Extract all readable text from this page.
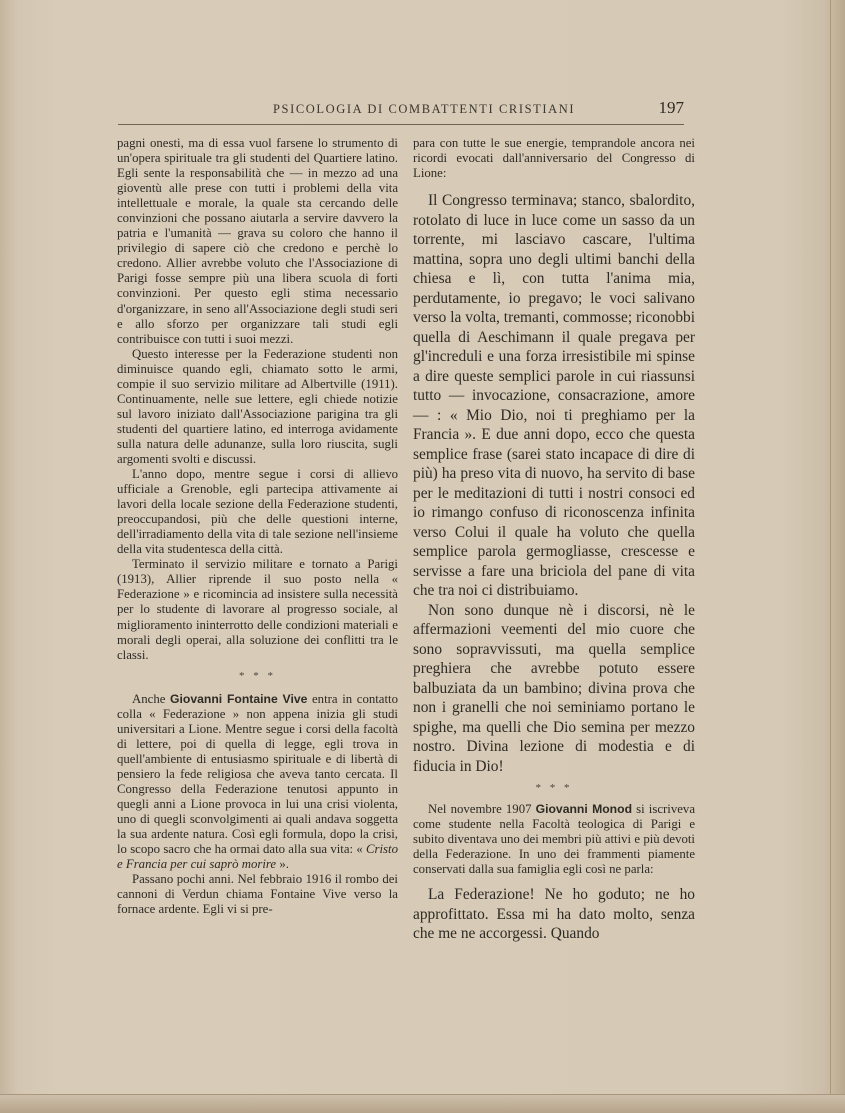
PSICOLOGIA DI COMBATTENTI CRISTIANI	197

pagni onesti, ma di essa vuol farsene lo strumento di un'opera spirituale tra gli studenti del Quartiere latino. Egli sente la responsabilità che — in mezzo ad una gioventù alle prese con tutti i problemi della vita intellettuale e morale, la quale sta cercando delle convinzioni che possano aiutarla a servire davvero la patria e l'umanità — grava su coloro che hanno il privilegio di sapere ciò che credono e perchè lo credono. Allier avrebbe voluto che l'Associazione di Parigi fosse sempre più una libera scuola di forti convinzioni. Per questo egli stima necessario d'organizzare, in seno all'Associazione degli studi seri e allo sforzo per organizzare tali studi egli contribuisce con tutti i suoi mezzi.

Questo interesse per la Federazione studenti non diminuisce quando egli, chiamato sotto le armi, compie il suo servizio militare ad Albertville (1911). Continuamente, nelle sue lettere, egli chiede notizie sul lavoro iniziato dall'Associazione parigina tra gli studenti del quartiere latino, ed interroga avidamente sulla natura delle adunanze, sulla loro riuscita, sugli argomenti svolti e discussi.

L'anno dopo, mentre segue i corsi di allievo ufficiale a Grenoble, egli partecipa attivamente ai lavori della locale sezione della Federazione studenti, preoccupandosi, più che delle questioni interne, dell'irradiamento della vita di tale sezione nell'insieme della vita studentesca della città.

Terminato il servizio militare e tornato a Parigi (1913), Allier riprende il suo posto nella « Federazione » e ricomincia ad insistere sulla necessità per lo studente di lavorare al progresso sociale, al miglioramento ininterrotto delle condizioni materiali e morali degli operai, alla soluzione dei conflitti tra le classi.

* * *

Anche Giovanni Fontaine Vive entra in contatto colla « Federazione » non appena inizia gli studi universitari a Lione. Mentre segue i corsi della facoltà di lettere, poi di quella di legge, egli trova in quell'ambiente di entusiasmo spirituale e di libertà di pensiero la fede religiosa che aveva tanto cercata. Il Congresso della Federazione tenutosi appunto in quegli anni a Lione provoca in lui una crisi violenta, uno di quegli sconvolgimenti ai quali andava soggetta la sua ardente natura. Così egli formula, dopo la crisi, lo scopo sacro che ha ormai dato alla sua vita: « Cristo e Francia per cui saprò morire ».

Passano pochi anni. Nel febbraio 1916 il rombo dei cannoni di Verdun chiama Fontaine Vive verso la fornace ardente. Egli vi si pre-

para con tutte le sue energie, temprandole ancora nei ricordi evocati dall'anniversario del Congresso di Lione:

Il Congresso terminava; stanco, sbalordito, rotolato di luce in luce come un sasso da un torrente, mi lasciavo cascare, l'ultima mattina, sopra uno degli ultimi banchi della chiesa e lì, con tutta l'anima mia, perdutamente, io pregavo; le voci salivano verso la volta, tremanti, commosse; riconobbi quella di Aeschimann il quale pregava per gl'increduli e una forza irresistibile mi spinse a dire queste semplici parole in cui riassunsi tutto — invocazione, consacrazione, amore — : « Mio Dio, noi ti preghiamo per la Francia ». E due anni dopo, ecco che questa semplice frase (sarei stato incapace di dire di più) ha preso vita di nuovo, ha servito di base per le meditazioni di tutti i nostri consoci ed io rimango confuso di riconoscenza infinita verso Colui il quale ha voluto che quella semplice parola germogliasse, crescesse e servisse a fare una briciola del pane di vita che tra noi ci distribuiamo.

Non sono dunque nè i discorsi, nè le affermazioni veementi del mio cuore che sono sopravvissuti, ma quella semplice preghiera che avrebbe potuto essere balbuziata da un bambino; divina prova che non i granelli che noi seminiamo portano le spighe, ma quelli che Dio semina per mezzo nostro. Divina lezione di modestia e di fiducia in Dio!

* * *

Nel novembre 1907 Giovanni Monod si iscriveva come studente nella Facoltà teologica di Parigi e subito diventava uno dei membri più attivi e più devoti della Federazione. In uno dei frammenti piamente conservati dalla sua famiglia egli così ne parla:

La Federazione! Ne ho goduto; ne ho approfittato. Essa mi ha dato molto, senza che me ne accorgessi. Quando
